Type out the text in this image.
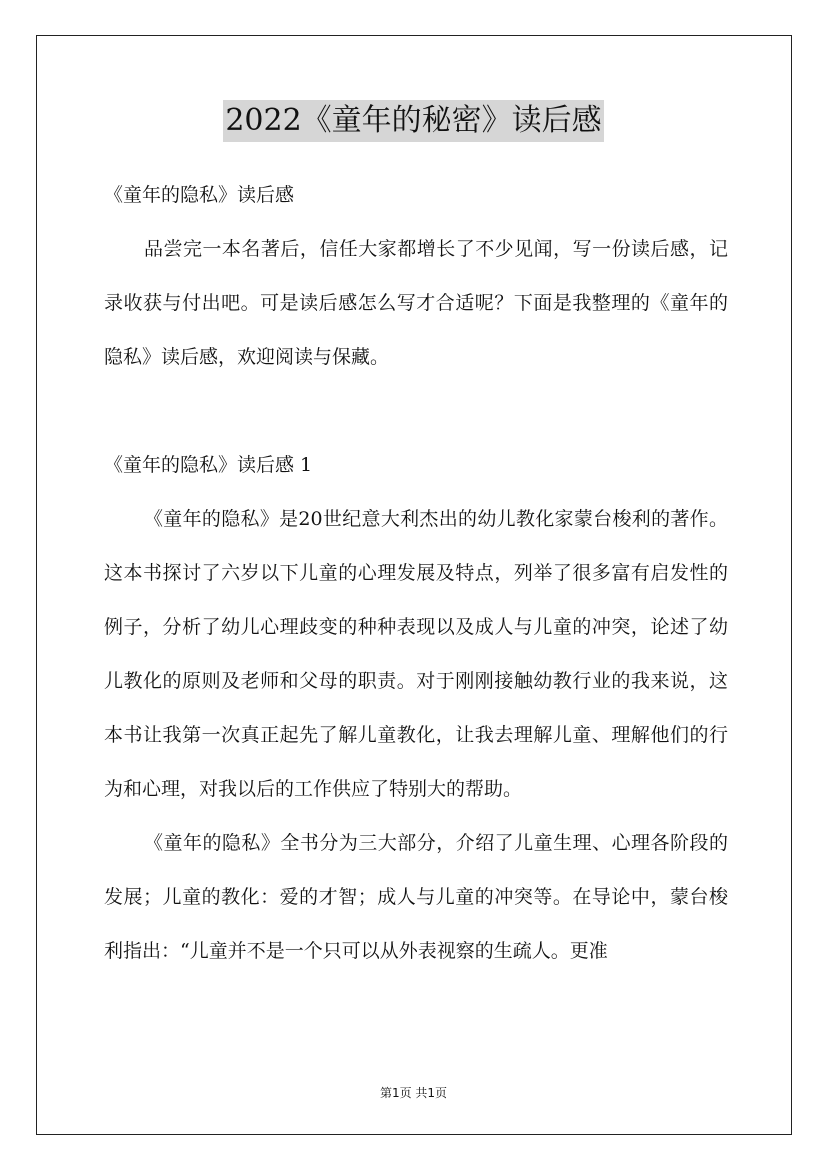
2022《童年的秘密》读后感
《童年的隐私》读后感

品尝完一本名著后，信任大家都增长了不少见闻，写一份读后感，记录收获与付出吧。可是读后感怎么写才合适呢？下面是我整理的《童年的隐私》读后感，欢迎阅读与保藏。

《童年的隐私》读后感 1

《童年的隐私》是20世纪意大利杰出的幼儿教化家蒙台梭利的著作。这本书探讨了六岁以下儿童的心理发展及特点，列举了很多富有启发性的例子，分析了幼儿心理歧变的种种表现以及成人与儿童的冲突，论述了幼儿教化的原则及老师和父母的职责。对于刚刚接触幼教行业的我来说，这本书让我第一次真正起先了解儿童教化，让我去理解儿童、理解他们的行为和心理，对我以后的工作供应了特别大的帮助。

《童年的隐私》全书分为三大部分，介绍了儿童生理、心理各阶段的发展；儿童的教化：爱的才智；成人与儿童的冲突等。在导论中，蒙台梭利指出：“儿童并不是一个只可以从外表视察的生疏人。更准

第1页 共1页
